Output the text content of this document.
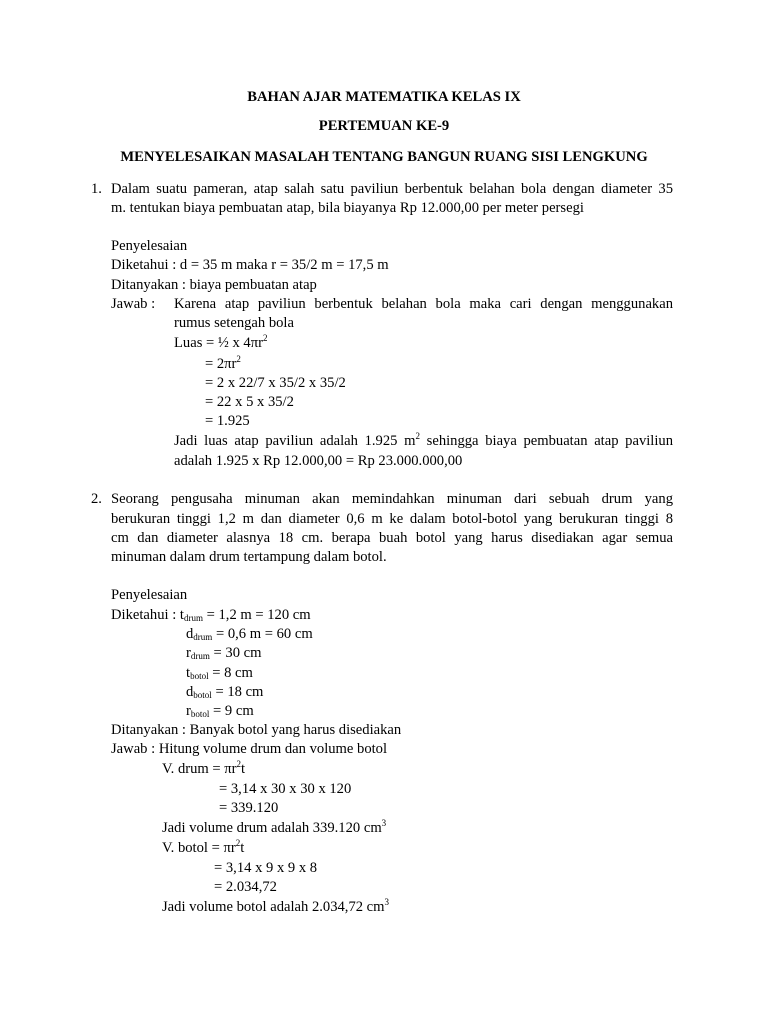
BAHAN AJAR MATEMATIKA KELAS IX
PERTEMUAN KE-9
MENYELESAIKAN MASALAH TENTANG BANGUN RUANG SISI LENGKUNG
1. Dalam suatu pameran, atap salah satu paviliun berbentuk belahan bola dengan diameter 35
m. tentukan biaya pembuatan atap, bila biayanya Rp 12.000,00 per meter persegi
Penyelesaian
Diketahui : d = 35 m maka r = 35/2 m = 17,5 m
Ditanyakan : biaya pembuatan atap
Jawab : Karena atap paviliun berbentuk belahan bola maka cari dengan menggunakan
rumus setengah bola
Luas = ½ x $4\pi r^2$
= $2\pi r^2$
= 2 x 22/7 x 35/2 x 35/2
= 22 x 5 x 35/2
= 1.925
Jadi luas atap paviliun adalah 1.925 $m^2$ sehingga biaya pembuatan atap paviliun
adalah 1.925 x Rp 12.000,00 = Rp 23.000.000,00
2. Seorang pengusaha minuman akan memindahkan minuman dari sebuah drum yang
berukuran tinggi 1,2 m dan diameter 0,6 m ke dalam botol-botol yang berukuran tinggi 8
cm dan diameter alasnya 18 cm. berapa buah botol yang harus disediakan agar semua
minuman dalam drum tertampung dalam botol.
Penyelesaian
Diketahui : $t_{drum} = 1,2$ m = 120 cm
$d_{drum} = 0,6$ m = 60 cm
$r_{drum} = 30$ cm
$t_{botol} = 8$ cm
$d_{botol} = 18$ cm
$r_{botol} = 9$ cm
Ditanyakan : Banyak botol yang harus disediakan
Jawab : Hitung volume drum dan volume botol
V. drum = $\pi r^2t$
= 3,14 x 30 x 30 x 120
= 339.120
Jadi volume drum adalah 339.120 $cm^3$
V. botol = $\pi r^2t$
= 3,14 x 9 x 9 x 8
= 2.034,72
Jadi volume botol adalah 2.034,72 $cm^3$
